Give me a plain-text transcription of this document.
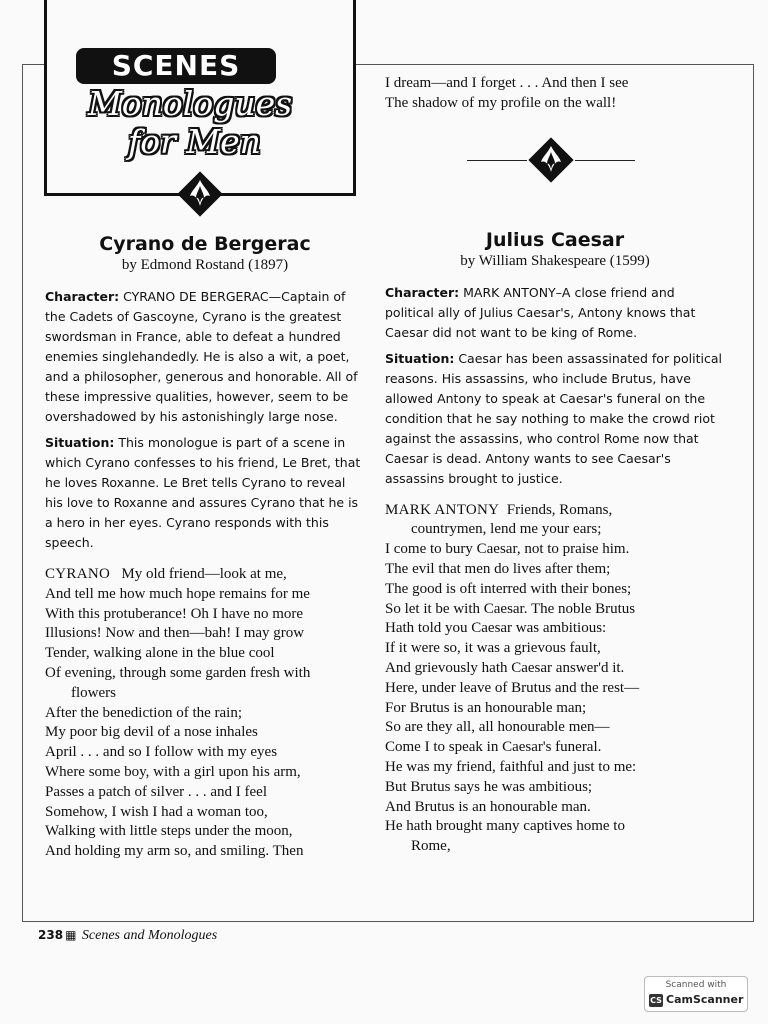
SCENES
Monologues
for Men
Cyrano de Bergerac

by Edmond Rostand (1897)

Character: CYRANO DE BERGERAC—Captain of the Cadets of Gascoyne, Cyrano is the greatest swordsman in France, able to defeat a hundred enemies singlehandedly. He is also a wit, a poet, and a philosopher, generous and honorable. All of these impressive qualities, however, seem to be overshadowed by his astonishingly large nose.

Situation: This monologue is part of a scene in which Cyrano confesses to his friend, Le Bret, that he loves Roxanne. Le Bret tells Cyrano to reveal his love to Roxanne and assures Cyrano that he is a hero in her eyes. Cyrano responds with this speech.

CYRANO My old friend—look at me,
And tell me how much hope remains for me
With this protuberance! Oh I have no more
Illusions! Now and then—bah! I may grow
Tender, walking alone in the blue cool
Of evening, through some garden fresh with
flowers
After the benediction of the rain;
My poor big devil of a nose inhales
April . . . and so I follow with my eyes
Where some boy, with a girl upon his arm,
Passes a patch of silver . . . and I feel
Somehow, I wish I had a woman too,
Walking with little steps under the moon,
And holding my arm so, and smiling. Then
I dream—and I forget . . . And then I see
The shadow of my profile on the wall!
Julius Caesar

by William Shakespeare (1599)

Character: MARK ANTONY–A close friend and political ally of Julius Caesar's, Antony knows that Caesar did not want to be king of Rome.

Situation: Caesar has been assassinated for political reasons. His assassins, who include Brutus, have allowed Antony to speak at Caesar's funeral on the condition that he say nothing to make the crowd riot against the assassins, who control Rome now that Caesar is dead. Antony wants to see Caesar's assassins brought to justice.

MARK ANTONY Friends, Romans,
countrymen, lend me your ears;
I come to bury Caesar, not to praise him.
The evil that men do lives after them;
The good is oft interred with their bones;
So let it be with Caesar. The noble Brutus
Hath told you Caesar was ambitious:
If it were so, it was a grievous fault,
And grievously hath Caesar answer'd it.
Here, under leave of Brutus and the rest—
For Brutus is an honourable man;
So are they all, all honourable men—
Come I to speak in Caesar's funeral.
He was my friend, faithful and just to me:
But Brutus says he was ambitious;
And Brutus is an honourable man.
He hath brought many captives home to
Rome,
238 ▦ Scenes and Monologues
Scanned with
CS CamScanner
